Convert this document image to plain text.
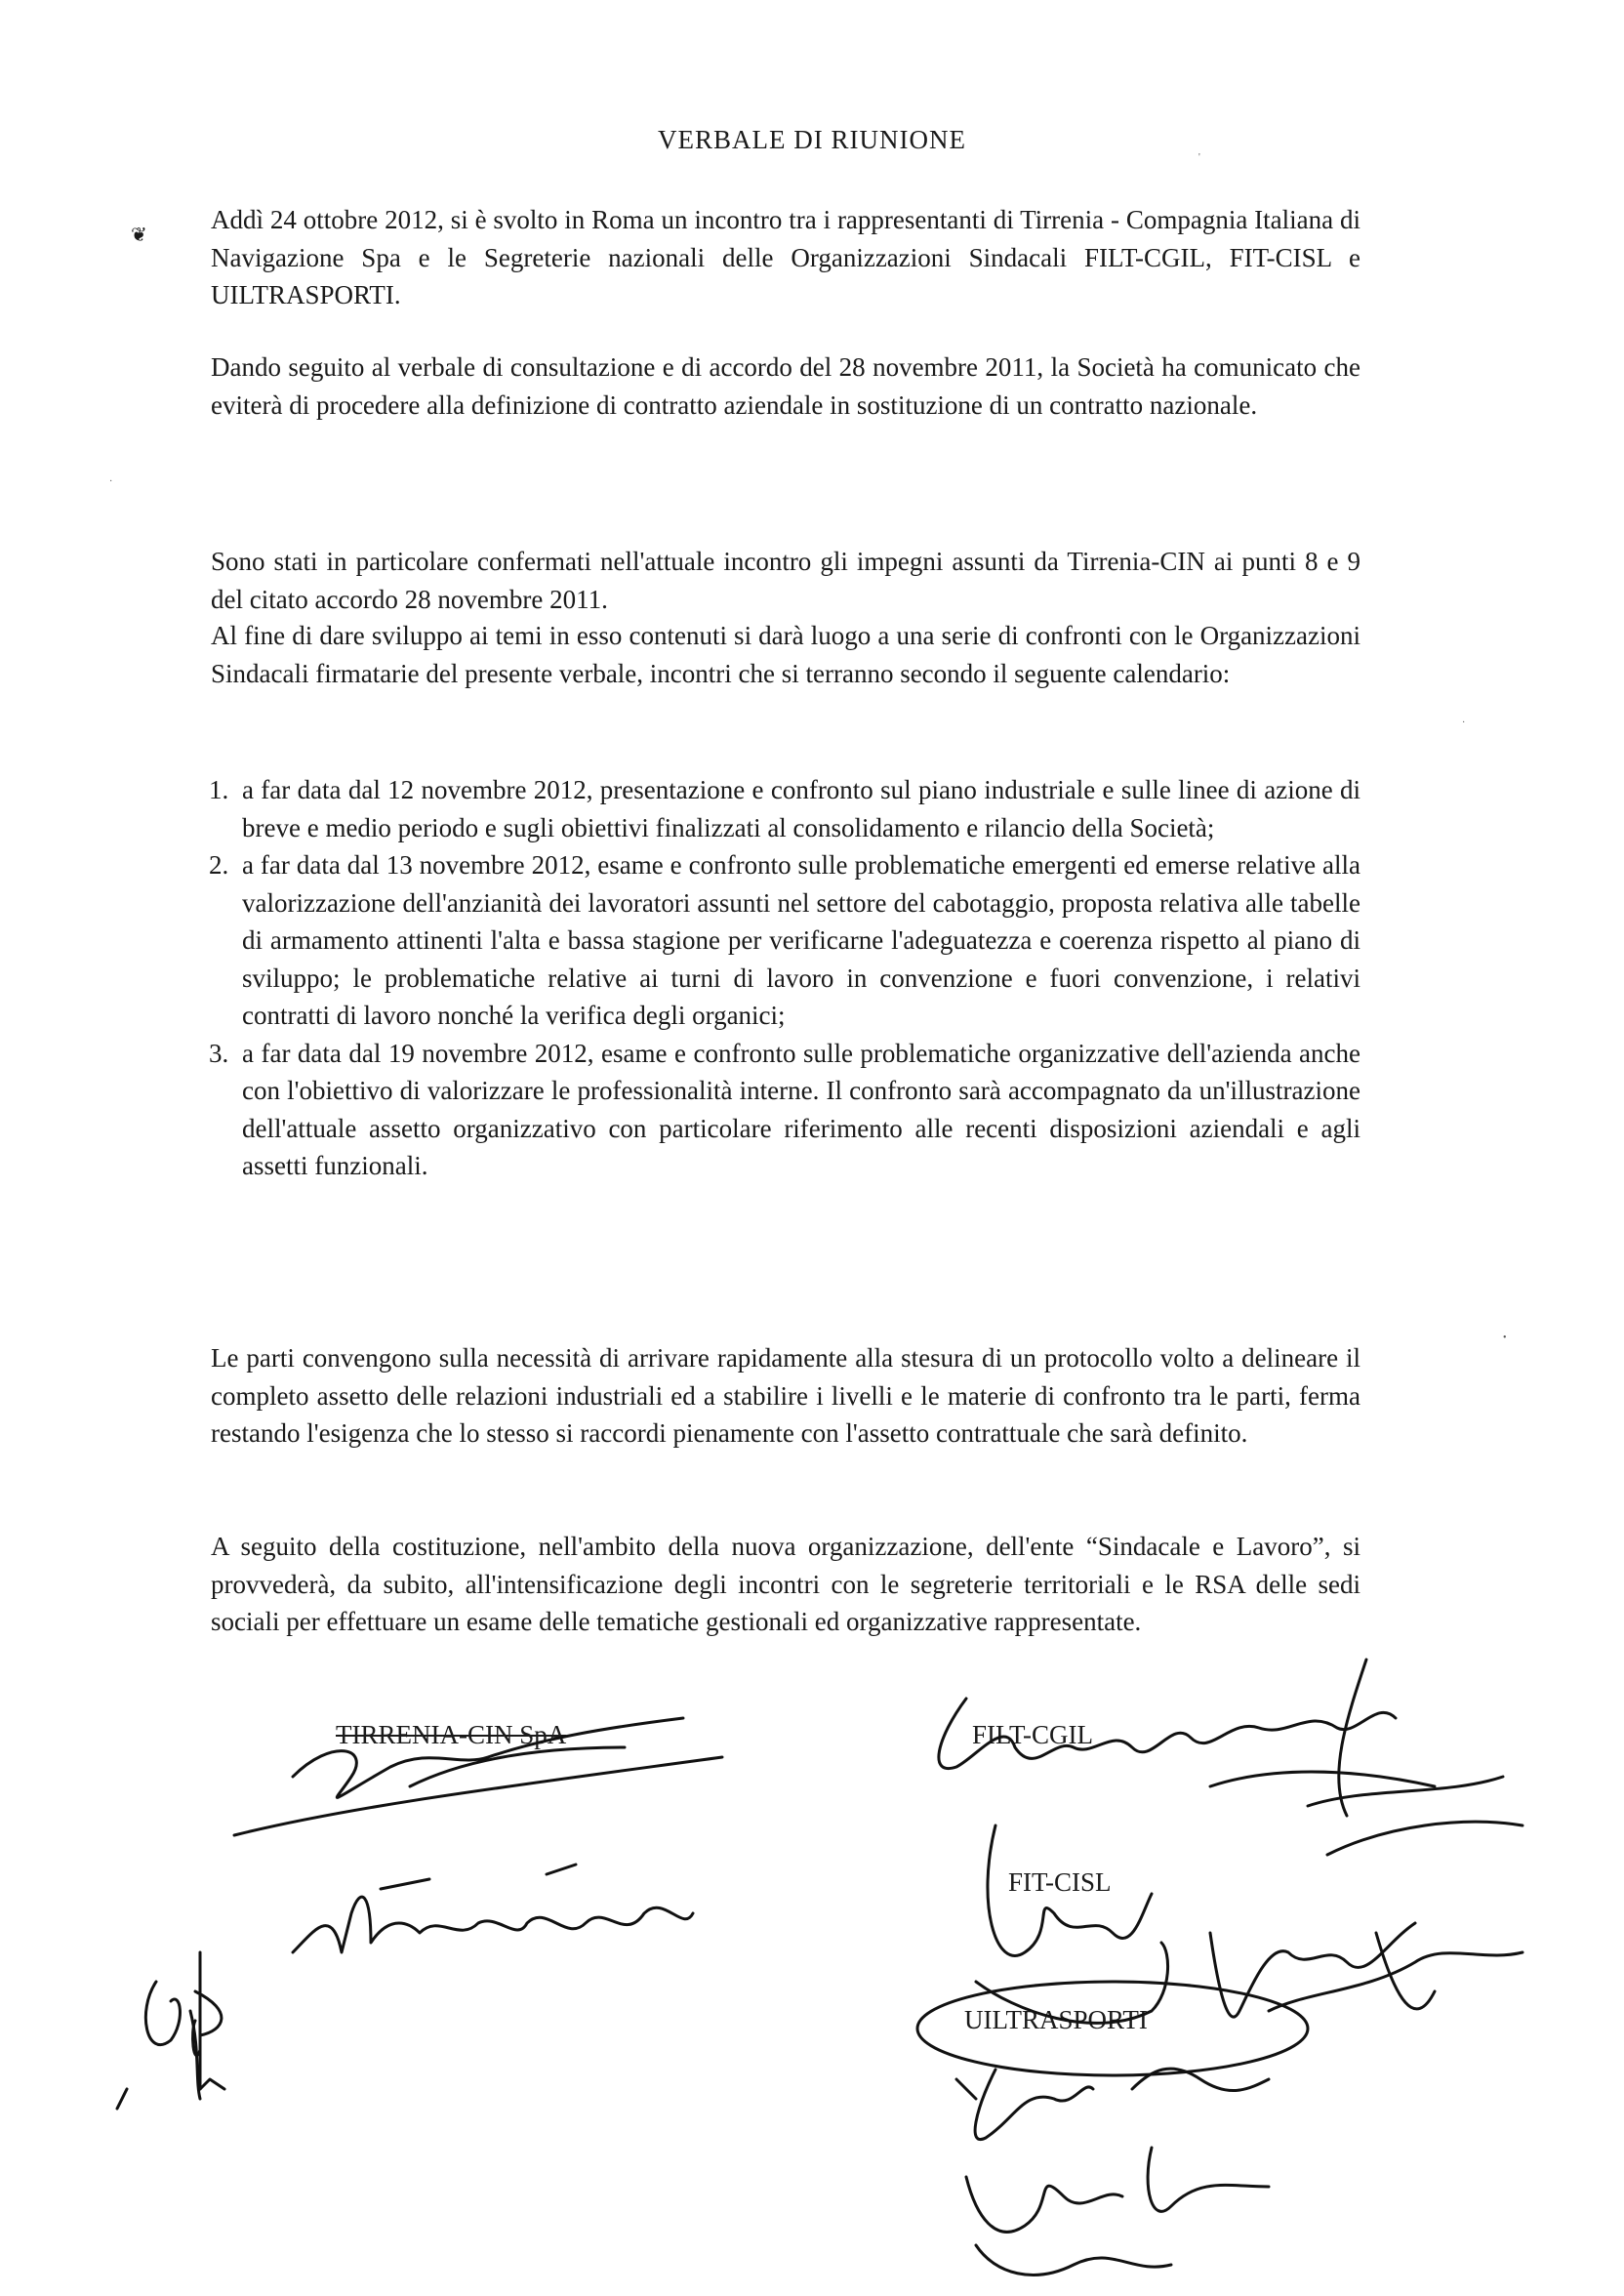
VERBALE DI RIUNIONE
❦
Addì 24 ottobre 2012, si è svolto in Roma un incontro tra i rappresentanti di Tirrenia - Compagnia Italiana di Navigazione Spa e le Segreterie nazionali delle Organizzazioni Sindacali FILT-CGIL, FIT-CISL e UILTRASPORTI.
Dando seguito al verbale di consultazione e di accordo del 28 novembre 2011, la Società ha comunicato che eviterà di procedere alla definizione di contratto aziendale in sostituzione di un contratto nazionale.
Sono stati in particolare confermati nell'attuale incontro gli impegni assunti da Tirrenia-CIN ai punti 8 e 9 del citato accordo 28 novembre 2011.
Al fine di dare sviluppo ai temi in esso contenuti si darà luogo a una serie di confronti con le Organizzazioni Sindacali firmatarie del presente verbale, incontri che si terranno secondo il seguente calendario:
1. a far data dal 12 novembre 2012, presentazione e confronto sul piano industriale e sulle linee di azione di breve e medio periodo e sugli obiettivi finalizzati al consolidamento e rilancio della Società;
2. a far data dal 13 novembre 2012, esame e confronto sulle problematiche emergenti ed emerse relative alla valorizzazione dell'anzianità dei lavoratori assunti nel settore del cabotaggio, proposta relativa alle tabelle di armamento attinenti l'alta e bassa stagione per verificarne l'adeguatezza e coerenza rispetto al piano di sviluppo; le problematiche relative ai turni di lavoro in convenzione e fuori convenzione, i relativi contratti di lavoro nonché la verifica degli organici;
3. a far data dal 19 novembre 2012, esame e confronto sulle problematiche organizzative dell'azienda anche con l'obiettivo di valorizzare le professionalità interne. Il confronto sarà accompagnato da un'illustrazione dell'attuale assetto organizzativo con particolare riferimento alle recenti disposizioni aziendali e agli assetti funzionali.
Le parti convengono sulla necessità di arrivare rapidamente alla stesura di un protocollo volto a delineare il completo assetto delle relazioni industriali ed a stabilire i livelli e le materie di confronto tra le parti, ferma restando l'esigenza che lo stesso si raccordi pienamente con l'assetto contrattuale che sarà definito.
A seguito della costituzione, nell'ambito della nuova organizzazione, dell'ente “Sindacale e Lavoro”, si provvederà, da subito, all'intensificazione degli incontri con le segreterie territoriali e le RSA delle sedi sociali per effettuare un esame delle tematiche gestionali ed organizzative rappresentate.
TIRRENIA-CIN SpA	FILT-CGIL
FIT-CISL
UILTRASPORTI
•
·
'
·
